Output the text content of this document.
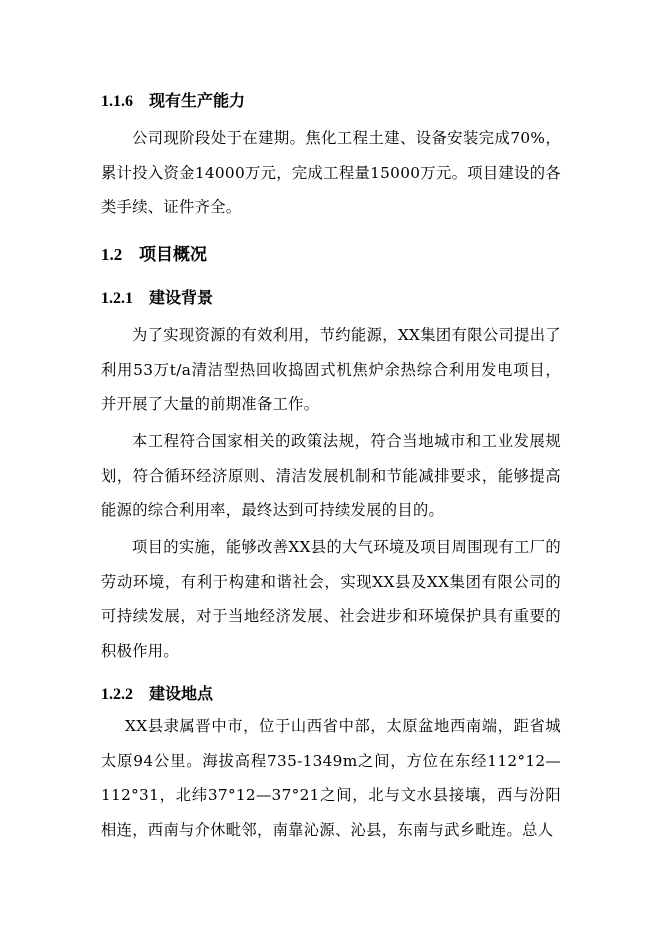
1.1.6 现有生产能力
公司现阶段处于在建期。焦化工程土建、设备安装完成70%，累计投入资金14000万元，完成工程量15000万元。项目建设的各类手续、证件齐全。
1.2 项目概况
1.2.1 建设背景
为了实现资源的有效利用，节约能源，XX集团有限公司提出了利用53万t/a清洁型热回收捣固式机焦炉余热综合利用发电项目，并开展了大量的前期准备工作。
本工程符合国家相关的政策法规，符合当地城市和工业发展规划，符合循环经济原则、清洁发展机制和节能减排要求，能够提高能源的综合利用率，最终达到可持续发展的目的。
项目的实施，能够改善XX县的大气环境及项目周围现有工厂的劳动环境，有利于构建和谐社会，实现XX县及XX集团有限公司的可持续发展，对于当地经济发展、社会进步和环境保护具有重要的积极作用。
1.2.2 建设地点
XX县隶属晋中市，位于山西省中部，太原盆地西南端，距省城太原94公里。海拔高程735-1349m之间，方位在东经112°12—112°31，北纬37°12—37°21之间，北与文水县接壤，西与汾阳相连，西南与介休毗邻，南靠沁源、沁县，东南与武乡毗连。总人
